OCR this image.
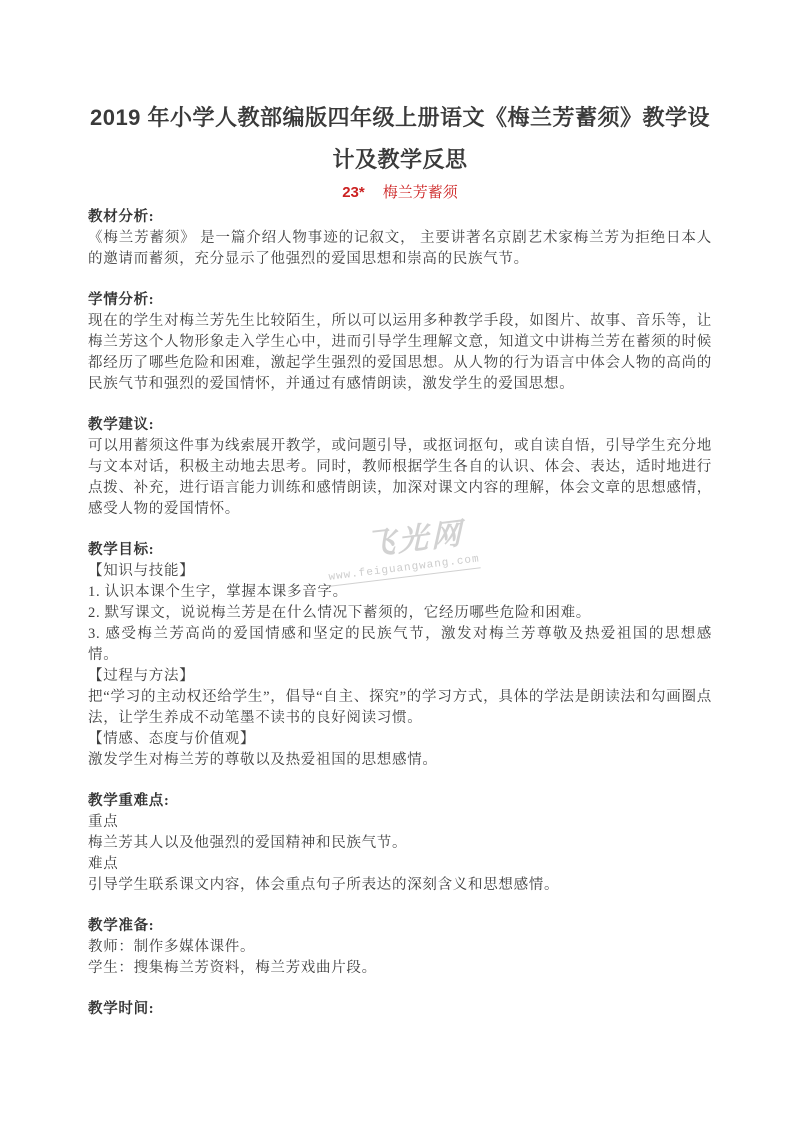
2019 年小学人教部编版四年级上册语文《梅兰芳蓄须》教学设计及教学反思
23* 梅兰芳蓄须
教材分析:
《梅兰芳蓄须》 是一篇介绍人物事迹的记叙文， 主要讲著名京剧艺术家梅兰芳为拒绝日本人的邀请而蓄须，充分显示了他强烈的爱国思想和崇高的民族气节。
学情分析:
现在的学生对梅兰芳先生比较陌生，所以可以运用多种教学手段，如图片、故事、音乐等，让梅兰芳这个人物形象走入学生心中，进而引导学生理解文意，知道文中讲梅兰芳在蓄须的时候都经历了哪些危险和困难，激起学生强烈的爱国思想。从人物的行为语言中体会人物的高尚的民族气节和强烈的爱国情怀，并通过有感情朗读，激发学生的爱国思想。
教学建议:
可以用蓄须这件事为线索展开教学，或问题引导，或抠词抠句，或自读自悟，引导学生充分地与文本对话，积极主动地去思考。同时，教师根据学生各自的认识、体会、表达，适时地进行点拨、补充，进行语言能力训练和感情朗读，加深对课文内容的理解，体会文章的思想感情，感受人物的爱国情怀。
教学目标:
【知识与技能】
1. 认识本课个生字，掌握本课多音字。
2. 默写课文，说说梅兰芳是在什么情况下蓄须的，它经历哪些危险和困难。
3. 感受梅兰芳高尚的爱国情感和坚定的民族气节，激发对梅兰芳尊敬及热爱祖国的思想感情。
【过程与方法】
把“学习的主动权还给学生”，倡导“自主、探究”的学习方式，具体的学法是朗读法和勾画圈点法，让学生养成不动笔墨不读书的良好阅读习惯。
【情感、态度与价值观】
激发学生对梅兰芳的尊敬以及热爱祖国的思想感情。
教学重难点:
重点
梅兰芳其人以及他强烈的爱国精神和民族气节。
难点
引导学生联系课文内容，体会重点句子所表达的深刻含义和思想感情。
教学准备:
教师：制作多媒体课件。
学生：搜集梅兰芳资料，梅兰芳戏曲片段。
教学时间:
飞光网
www.feiguangwang.com
